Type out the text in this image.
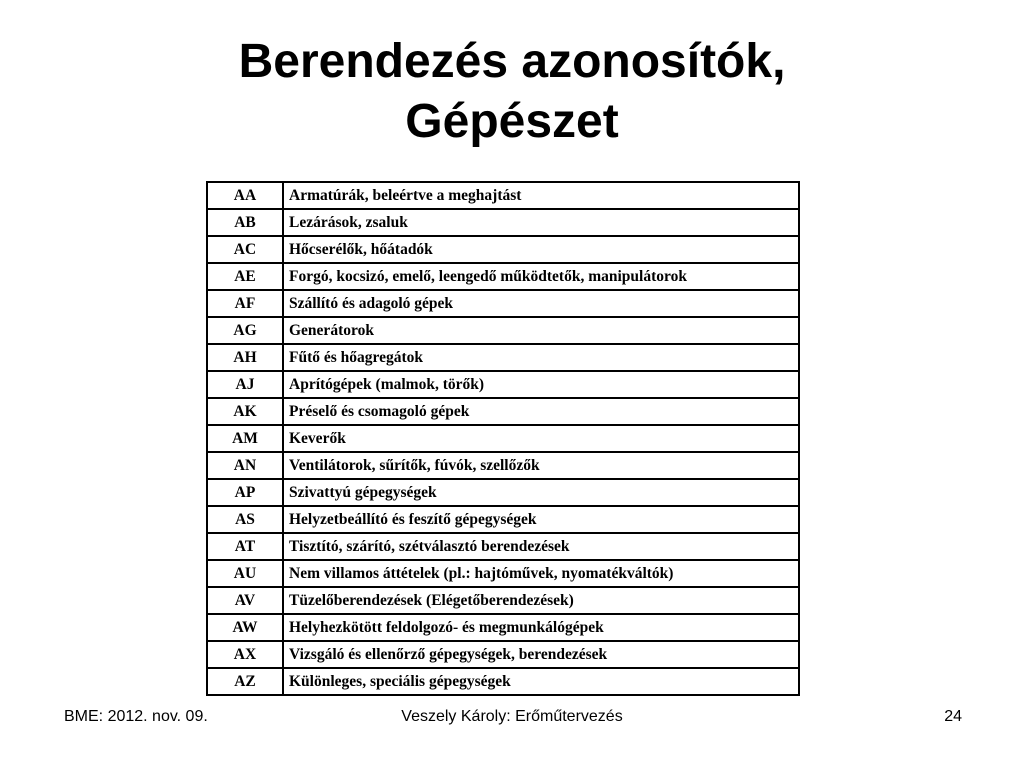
Berendezés azonosítók,
Gépészet
AA	Armatúrák, beleértve a meghajtást
AB	Lezárások, zsaluk
AC	Hőcserélők, hőátadók
AE	Forgó, kocsizó, emelő, leengedő működtetők, manipulátorok
AF	Szállító és adagoló gépek
AG	Generátorok
AH	Fűtő és hőagregátok
AJ	Aprítógépek (malmok, törők)
AK	Préselő és csomagoló gépek
AM	Keverők
AN	Ventilátorok, sűrítők, fúvók, szellőzők
AP	Szivattyú gépegységek
AS	Helyzetbeállító és feszítő gépegységek
AT	Tisztító, szárító, szétválasztó berendezések
AU	Nem villamos áttételek (pl.: hajtóművek, nyomatékváltók)
AV	Tüzelőberendezések (Elégetőberendezések)
AW	Helyhezkötött feldolgozó- és megmunkálógépek
AX	Vizsgáló és ellenőrző gépegységek, berendezések
AZ	Különleges, speciális gépegységek
BME: 2012. nov. 09.	Veszely Károly: Erőműtervezés	24
